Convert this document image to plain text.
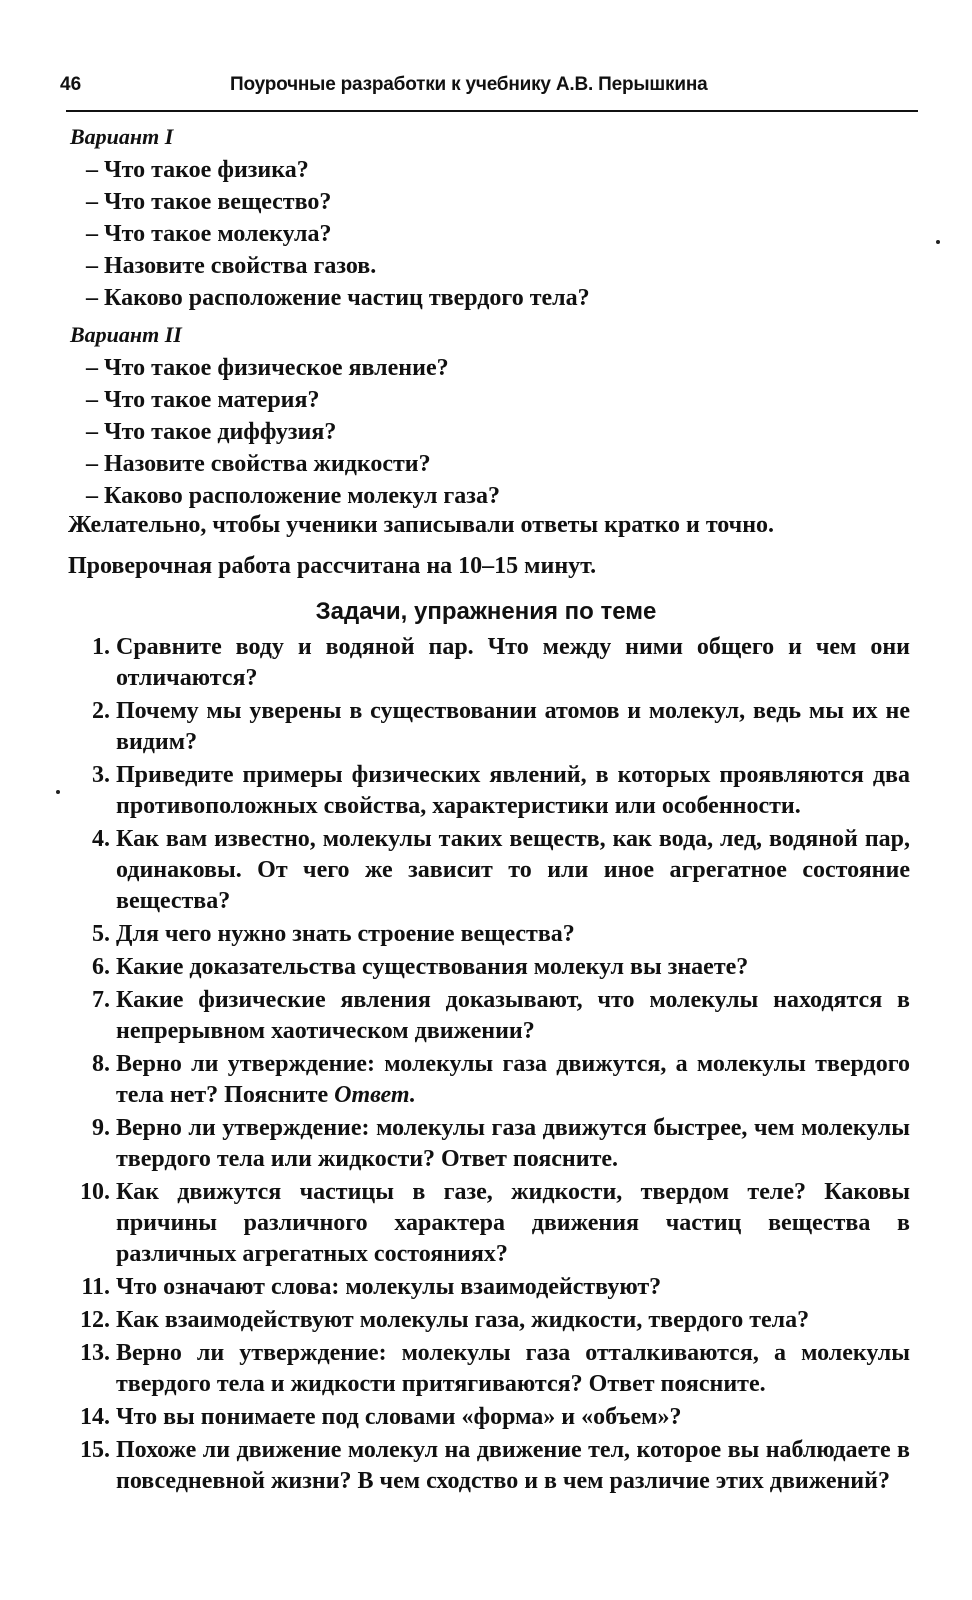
46	Поурочные разработки к учебнику А.В. Перышкина
Вариант I
– Что такое физика?
– Что такое вещество?
– Что такое молекула?
– Назовите свойства газов.
– Каково расположение частиц твердого тела?
Вариант II
– Что такое физическое явление?
– Что такое материя?
– Что такое диффузия?
– Назовите свойства жидкости?
– Каково расположение молекул газа?
Желательно, чтобы ученики записывали ответы кратко и точно.
Проверочная работа рассчитана на 10–15 минут.
Задачи, упражнения по теме
1. Сравните воду и водяной пар. Что между ними общего и чем они отличаются?
2. Почему мы уверены в существовании атомов и молекул, ведь мы их не видим?
3. Приведите примеры физических явлений, в которых проявляются два противоположных свойства, характеристики или особенности.
4. Как вам известно, молекулы таких веществ, как вода, лед, водяной пар, одинаковы. От чего же зависит то или иное агрегатное состояние вещества?
5. Для чего нужно знать строение вещества?
6. Какие доказательства существования молекул вы знаете?
7. Какие физические явления доказывают, что молекулы находятся в непрерывном хаотическом движении?
8. Верно ли утверждение: молекулы газа движутся, а молекулы твердого тела нет? Поясните Ответ.
9. Верно ли утверждение: молекулы газа движутся быстрее, чем молекулы твердого тела или жидкости? Ответ поясните.
10. Как движутся частицы в газе, жидкости, твердом теле? Каковы причины различного характера движения частиц вещества в различных агрегатных состояниях?
11. Что означают слова: молекулы взаимодействуют?
12. Как взаимодействуют молекулы газа, жидкости, твердого тела?
13. Верно ли утверждение: молекулы газа отталкиваются, а молекулы твердого тела и жидкости притягиваются? Ответ поясните.
14. Что вы понимаете под словами «форма» и «объем»?
15. Похоже ли движение молекул на движение тел, которое вы наблюдаете в повседневной жизни? В чем сходство и в чем различие этих движений?
